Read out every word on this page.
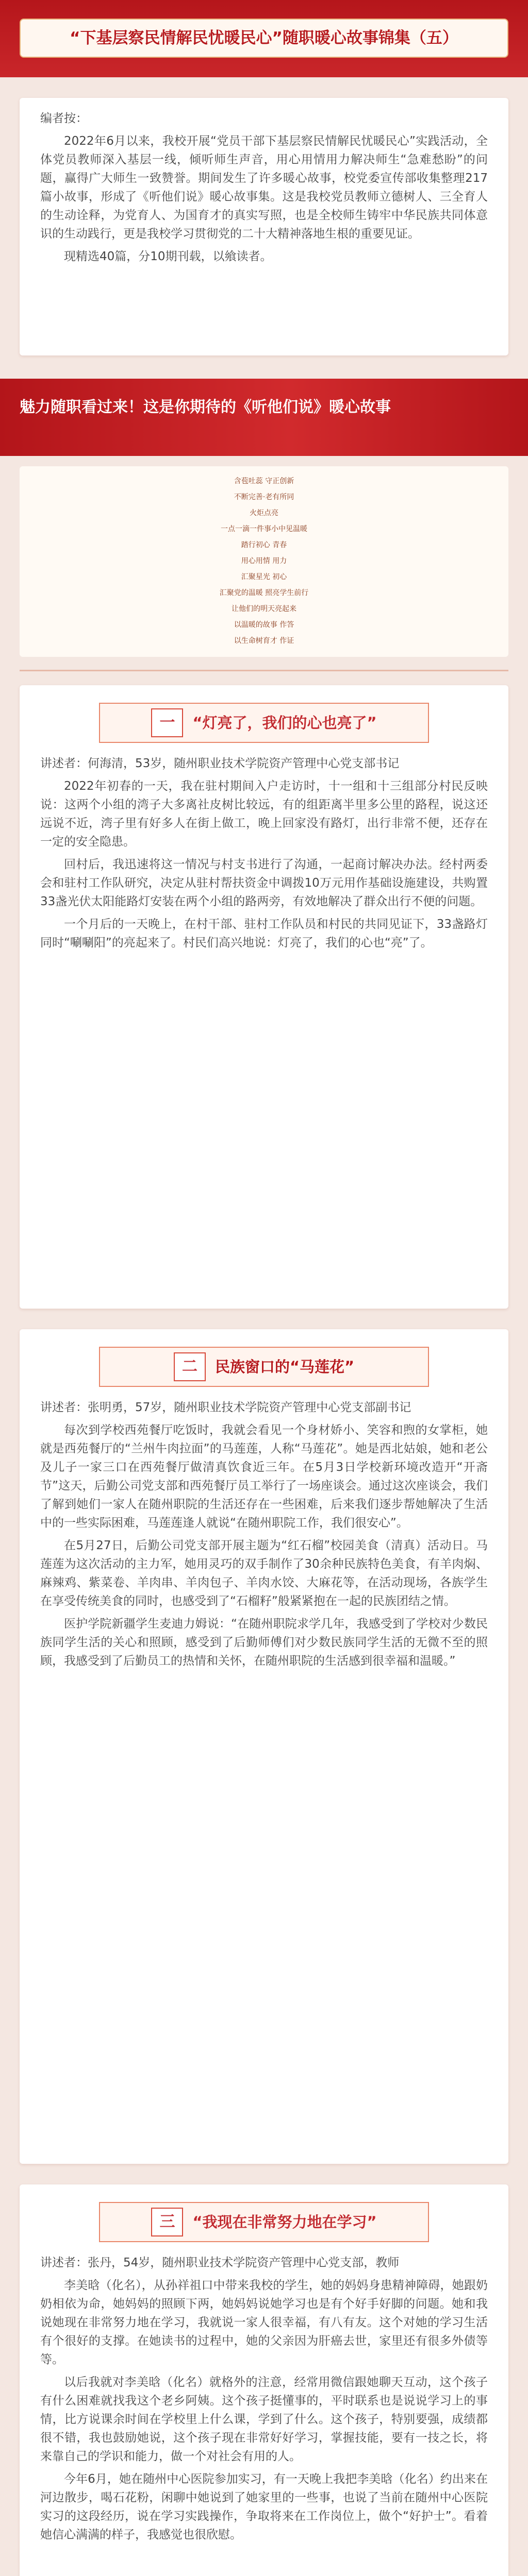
“下基层察民情解民忧暖民心”随职暖心故事锦集（五）

编者按：

2022年6月以来，我校开展“党员干部下基层察民情解民忧暖民心”实践活动，全体党员教师深入基层一线，倾听师生声音，用心用情用力解决师生“急难愁盼”的问题，赢得广大师生一致赞誉。期间发生了许多暖心故事，校党委宣传部收集整理217篇小故事，形成了《听他们说》暖心故事集。这是我校党员教师立德树人、三全育人的生动诠释，为党育人、为国育才的真实写照，也是全校师生铸牢中华民族共同体意识的生动践行，更是我校学习贯彻党的二十大精神落地生根的重要见证。

现精选40篇，分10期刊载，以飨读者。

魅力随职看过来！这是你期待的《听他们说》暖心故事
含苞吐蕊 守正创新
不断完善·老有所同
火炬点亮
一点一滴一件事小中见温暖
踏行初心 青春
用心用情 用力
汇聚星光 初心
汇聚党的温暖 照亮学生前行
让他们的明天亮起来
以温暖的故事 作答
以生命树育才 作证
一	“灯亮了，我们的心也亮了”

讲述者：何海清，53岁，随州职业技术学院资产管理中心党支部书记

2022年初春的一天，我在驻村期间入户走访时，十一组和十三组部分村民反映说：这两个小组的湾子大多离社皮树比较远，有的组距离半里多公里的路程，说这还远说不近，湾子里有好多人在街上做工，晚上回家没有路灯，出行非常不便，还存在一定的安全隐患。

回村后，我迅速将这一情况与村支书进行了沟通，一起商讨解决办法。经村两委会和驻村工作队研究，决定从驻村帮扶资金中调拨10万元用作基础设施建设，共购置33盏光伏太阳能路灯安装在两个小组的路两旁，有效地解决了群众出行不便的问题。

一个月后的一天晚上，在村干部、驻村工作队员和村民的共同见证下，33盏路灯同时“唰唰阳”的亮起来了。村民们高兴地说：灯亮了，我们的心也“亮”了。

二	民族窗口的“马莲花”

讲述者：张明勇，57岁，随州职业技术学院资产管理中心党支部副书记

每次到学校西苑餐厅吃饭时，我就会看见一个身材娇小、笑容和煦的女掌柜，她就是西苑餐厅的“兰州牛肉拉面”的马莲莲，人称“马莲花”。她是西北姑娘，她和老公及儿子一家三口在西苑餐厅做清真饮食近三年。在5月3日学校新环境改造开“开斋节”这天，后勤公司党支部和西苑餐厅员工举行了一场座谈会。通过这次座谈会，我们了解到她们一家人在随州职院的生活还存在一些困难，后来我们逐步帮她解决了生活中的一些实际困难，马莲莲逢人就说“在随州职院工作，我们很安心”。

在5月27日，后勤公司党支部开展主题为“红石榴”校园美食（清真）活动日。马莲莲为这次活动的主力军，她用灵巧的双手制作了30余种民族特色美食，有羊肉焖、麻辣鸡、紫菜卷、羊肉串、羊肉包子、羊肉水饺、大麻花等，在活动现场，各族学生在享受传统美食的同时，也感受到了“石榴籽”般紧紧抱在一起的民族团结之情。

医护学院新疆学生麦迪力姆说：“在随州职院求学几年，我感受到了学校对少数民族同学生活的关心和照顾，感受到了后勤师傅们对少数民族同学生活的无微不至的照顾，我感受到了后勤员工的热情和关怀，在随州职院的生活感到很幸福和温暖。”

三	“我现在非常努力地在学习”

讲述者：张丹，54岁，随州职业技术学院资产管理中心党支部，教师

李美晗（化名），从孙祥祖口中带来我校的学生，她的妈妈身患精神障碍，她跟奶奶相依为命，她妈妈的照顾下两，她妈妈说她学习也是有个好手好脚的问题。她和我说她现在非常努力地在学习，我就说一家人很幸福，有八有友。这个对她的学习生活有个很好的支撑。在她读书的过程中，她的父亲因为肝癌去世，家里还有很多外债等等。

以后我就对李美晗（化名）就格外的注意，经常用微信跟她聊天互动，这个孩子有什么困难就找我这个老乡阿姨。这个孩子挺懂事的，平时联系也是说说学习上的事情，比方说课余时间在学校里上什么课，学到了什么。这个孩子，特别要强，成绩都很不错，我也鼓励她说，这个孩子现在非常好好学习，掌握技能，要有一技之长，将来靠自己的学识和能力，做一个对社会有用的人。

今年6月，她在随州中心医院参加实习，有一天晚上我把李美晗（化名）约出来在河边散步，喝石花粉，闲聊中她说到了她家里的一些事，也说了当前在随州中心医院实习的这段经历，说在学习实践操作，争取将来在工作岗位上，做个“好护士”。看着她信心满满的样子，我感觉也很欣慰。
